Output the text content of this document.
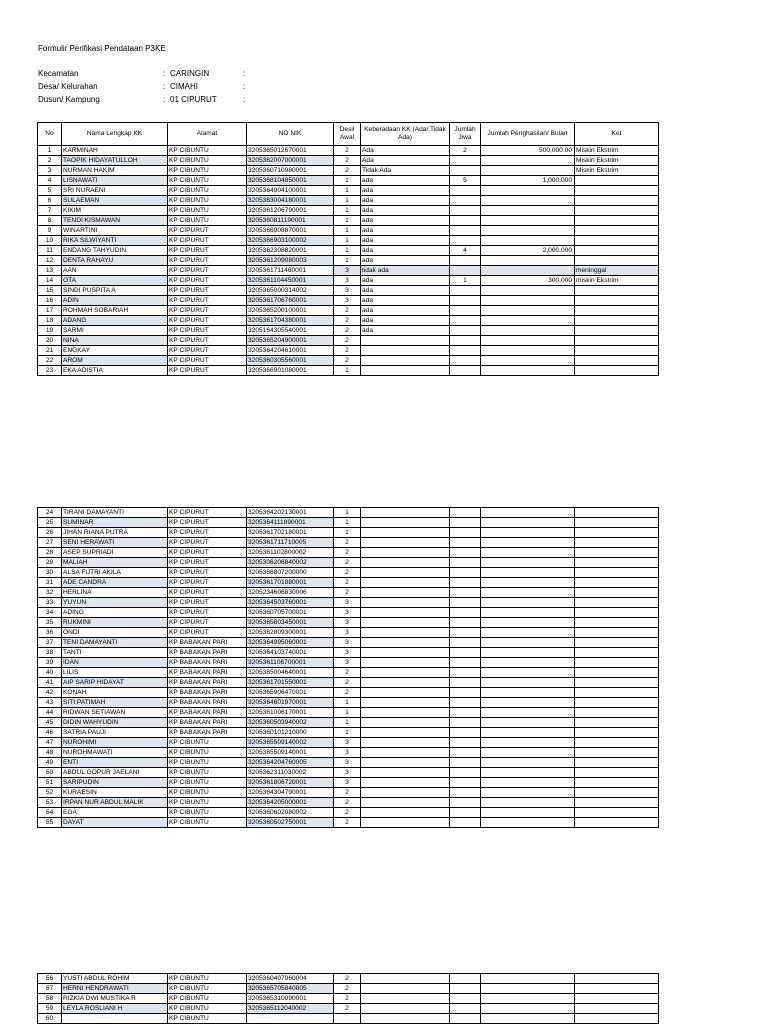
Formulir Perifikasi Pendataan P3KE
Kecamatan	: CARINGIN	:
Desa/ Kelurahan	: CIMAHI	:
Dusun/ Kampung	: 01 CIPURUT	:
No	Nama Lengkap KK	Alamat	NO NIK	Desil Awal	Keberadaan KK (Ada/ Tidak Ada)	Jumlah Jiwa	Jumlah Penghasilan/ Bulan	Ket
1	KARMINAH	KP CIBUNTU	3205365012670001	2	Ada	2	500,000.00	Miskin Ekstrim
2	TAOPIK HIDAYATULLOH	KP CIBUNTU	3205362007000001	2	Ada			Miskin Ekstrim
3	NURMAN HAKIM	KP CIBUNTU	3205360710980001	2	Tidak Ada			Miskin Ekstrim
4	LISNAWATI	KP CIBUNTU	3205368104850001	1	ada	5	1,000,000	
5	SRI NURAENI	KP CIBUNTU	3205364904100001	1	ada			
6	SULAEMAN	KP CIBUNTU	3205363004180001	1	ada			
7	KIKIM	KP CIBUNTU	3205361206790001	1	ada			
8	TENDI KISMAWAN	KP CIBUNTU	3205360811190001	1	ada			
9	WINARTINI	KP CIPURUT	3205366908870001	1	ada			
10	RIKA SILWIYANTI	KP CIPURUT	3205366903100002	1	ada			
11	ENDANG TAHYUDIN	KP CIPURUT	3205362308820001	1	ada	4	2,000,000	
12	DENTA RAHAYU	KP CIPURUT	3205361209080003	1	ada			
13	AAN	KP CIPURUT	3205361711460001	3	tidak ada			meninggal
14	OTA	KP CIPURUT	3205361104450001	3	ada	1	300,000	miskin Ekstrim
15	SINDI PUSPITA A	KP CIPURUT	3205365000314002	3	ada			
16	ADIN	KP CIPURUT	3205361706760001	3	ada			
17	ROHMAH SOBARIAH	KP CIPURUT	3205365200100001	2	ada			
18	ADANG	KP CIPURUT	3205361704380001	2	ada			
19	SARMI	KP CIPURUT	3205164305540001	2	ada			
20	NINA	KP CIPURUT	3205365204900001	2				
21	ENGKAY	KP CIPURUT	3205364204610001	2				
22	AROM	KP CIPURUT	3205360305560001	2				
23	EKA ADISTIA	KP CIPURUT	3205366901080001	1				
24	TIRANI DAMAYANTI	KP CIPURUT	3205364202130001	1				
25	SUMINAR	KP CIPURUT	3205364111890001	1				
26	JIHAN RIANA PUTRA	KP CIPURUT	3205361702180001	1				
27	SENI HERAWATI	KP CIPURUT	3205361711710005	2				
28	ASEP SUPRIADI	KP CIPURUT	3205361102800002	2				
29	MALIAH	KP CIPURUT	3205306206840002	2				
30	ALSA FUTRI AKILA	KP CIPURUT	3205366807200000	2				
31	ADE CANDRA	KP CIPURUT	3205361701880001	2				
32	HERLINA	KP CIPURUT	3205234606830006	2				
33	YUYUN	KP CIPURUT	3205364503760001	3				
34	ADING	KP CIPURUT	3205360705700001	3				
35	RUKMINI	KP CIPURUT	3205365803450001	3				
36	ONDI	KP CIPURUT	3205362809300001	3				
37	TENI DAMAYANTI	KP BABAKAN PARI	3205364995060001	3				
38	TANTI	KP BABAKAN PARI	3205364103740001	3				
39	IDAN	KP BABAKAN PARI	3205361106700001	3				
40	LILIS	KP BABAKAN PARI	3205365004640001	2				
41	AIP SARIP HIDAYAT	KP BABAKAN PARI	3205361701550001	2				
42	KONAH	KP BABAKAN PARI	3205365906470001	2				
43	SITI PATIMAH	KP BABAKAN PARI	3205364601970001	1				
44	RIDWAN SETIAWAN	KP BABAKAN PARI	3205361006170001	1				
45	DIDIN WAHYUDIN	KP BABAKAN PARI	3205360503940002	1				
46	SATRIA PAUJI	KP BABAKAN PARI	3205360101210000	1				
47	NUROHIMI	KP CIBUNTU	3205365509140002	3				
48	NUROHMAWATI	KP CIBUNTU	3205365509140001	3				
49	ENTI	KP CIBUNTU	3205364204760005	3				
50	ABDUL GOPUR JAELANI	KP CIBUNTU	3205362311030002	3				
51	SARIPUDIN	KP CIBUNTU	3205361806720001	3				
52	KURAESIN	KP CIBUNTU	3205364304790001	2				
53	IRPAN NUR ABDUL MALIK	KP CIBUNTU	3205364205000001	2				
54	EGA	KP CIBUNTU	3205360602080002	2				
55	DAYAT	KP CIBUNTU	3205360502750001	2				
56	YUSTI ABDUL ROHIM	KP CIBUNTU	3205360407960004	2				
57	HERNI HENDRAWATI	KP CIBUNTU	3205365705840005	2				
58	RIZKIA DWI MUSTIKA R	KP CIBUNTU	3205365310090001	2				
59	LEYLA ROSLIANI H	KP CIBUNTU	3205365112040002	2				
60		KP CIBUNTU						
